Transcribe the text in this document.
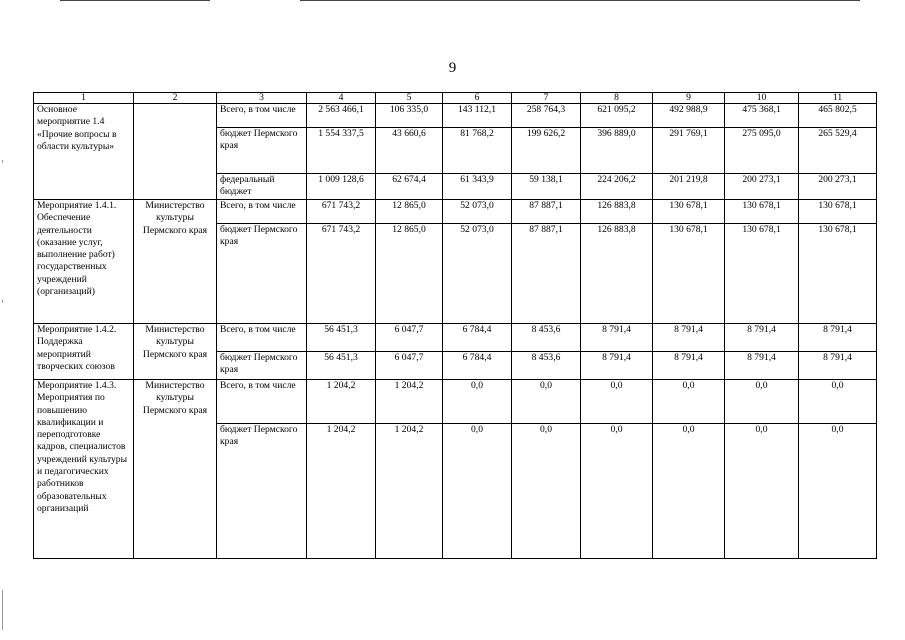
9
1	2	3	4	5	6	7	8	9	10	11
Основное мероприятие 1.4 «Прочие вопросы в области культуры»		Всего, в том числе	2 563 466,1	106 335,0	143 112,1	258 764,3	621 095,2	492 988,9	475 368,1	465 802,5
		бюджет Пермского края	1 554 337,5	43 660,6	81 768,2	199 626,2	396 889,0	291 769,1	275 095,0	265 529,4
		федеральный бюджет	1 009 128,6	62 674,4	61 343,9	59 138,1	224 206,2	201 219,8	200 273,1	200 273,1
Мероприятие 1.4.1. Обеспечение деятельности (оказание услуг, выполнение работ) государственных учреждений (организаций)	Министерство культуры Пермского края	Всего, в том числе	671 743,2	12 865,0	52 073,0	87 887,1	126 883,8	130 678,1	130 678,1	130 678,1
		бюджет Пермского края	671 743,2	12 865,0	52 073,0	87 887,1	126 883,8	130 678,1	130 678,1	130 678,1
Мероприятие 1.4.2. Поддержка мероприятий творческих союзов	Министерство культуры Пермского края	Всего, в том числе	56 451,3	6 047,7	6 784,4	8 453,6	8 791,4	8 791,4	8 791,4	8 791,4
		бюджет Пермского края	56 451,3	6 047,7	6 784,4	8 453,6	8 791,4	8 791,4	8 791,4	8 791,4
Мероприятие 1.4.3. Мероприятия по повышению квалификации и переподготовке кадров, специалистов учреждений культуры и педагогических работников образовательных организаций	Министерство культуры Пермского края	Всего, в том числе	1 204,2	1 204,2	0,0	0,0	0,0	0,0	0,0	0,0
		бюджет Пермского края	1 204,2	1 204,2	0,0	0,0	0,0	0,0	0,0	0,0
